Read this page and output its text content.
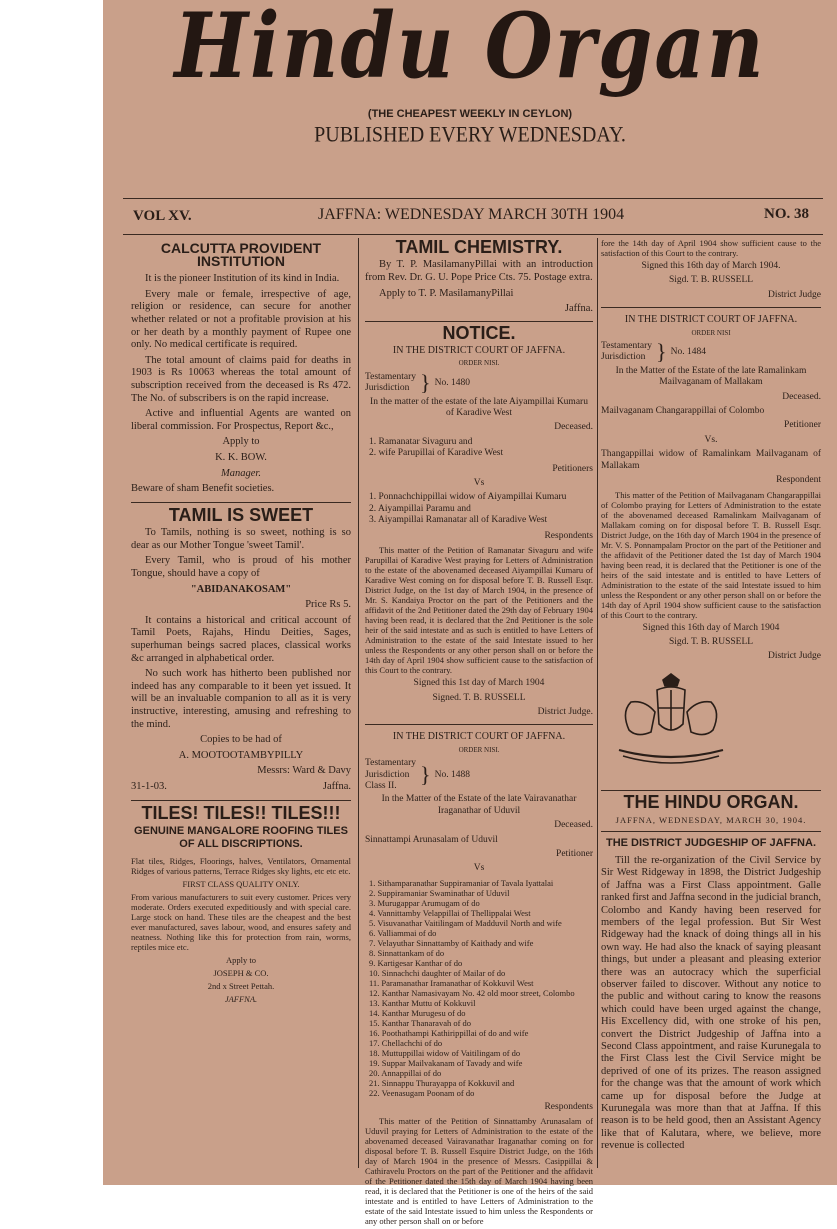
Hindu Organ
(THE CHEAPEST WEEKLY IN CEYLON)
PUBLISHED EVERY WEDNESDAY.
VOL XV.	JAFFNA: WEDNESDAY MARCH 30TH 1904	NO. 38
CALCUTTA PROVIDENT INSTITUTION

It is the pioneer Institution of its kind in India.

Every male or female, irrespective of age, religion or residence, can secure for another whether related or not a profitable provision at his or her death by a monthly payment of Rupee one only. No medical certificate is required.

The total amount of claims paid for deaths in 1903 is Rs 10063 whereas the total amount of subscription received from the deceased is Rs 472. The No. of subscribers is on the rapid increase.

Active and influential Agents are wanted on liberal commission. For Prospectus, Report &c.,

Apply to

K. K. BOW.

Manager.

Beware of sham Benefit societies.

TAMIL IS SWEET

To Tamils, nothing is so sweet, nothing is so dear as our Mother Tongue 'sweet Tamil'.

Every Tamil, who is proud of his mother Tongue, should have a copy of

"ABIDANAKOSAM"

Price Rs 5.

It contains a historical and critical account of Tamil Poets, Rajahs, Hindu Deities, Sages, superhuman beings sacred places, classical works &c arranged in alphabetical order.

No such work has hitherto been published nor indeed has any comparable to it been yet issued. It will be an invaluable companion to all as it is very instructive, interesting, amusing and refreshing to the mind.

Copies to be had of

A. MOOTOOTAMBYPILLY

Messrs: Ward & Davy

31-1-03.	Jaffna.

TILES! TILES!! TILES!!!
GENUINE MANGALORE ROOFING TILES OF ALL DISCRIPTIONS.

Flat tiles, Ridges, Floorings, halves, Ventilators, Ornamental Ridges of various patterns, Terrace Ridges sky lights, etc etc etc.

FIRST CLASS QUALITY ONLY.

From various manufacturers to suit every customer. Prices very moderate. Orders executed expeditiously and with special care. Large stock on hand. These tiles are the cheapest and the best ever manufactured, saves labour, wood, and ensures safety and neatness. Nothing like this for protection from rain, worms, reptiles mice etc.

Apply to

JOSEPH & CO.

2nd x Street Pettah.

JAFFNA.

TAMIL CHEMISTRY.

By T. P. MasilamanyPillai with an introduction from Rev. Dr. G. U. Pope Price Cts. 75. Postage extra.

Apply to T. P. MasilamanyPillai

Jaffna.

NOTICE.
IN THE DISTRICT COURT OF JAFFNA.
ORDER NISI.
Testamentary
Jurisdiction } No. 1480

In the matter of the estate of the late Aiyampillai Kumaru of Karadive West

Deceased.

1. Ramanatar Sivaguru and
2. wife Parupillai of Karadive West

Petitioners

Vs

1. Ponnachchippillai widow of Aiyampillai Kumaru
2. Aiyampillai Paramu and
3. Aiyampillai Ramanatar all of Karadive West

Respondents

This matter of the Petition of Ramanatar Sivaguru and wife Parupillai of Karadive West praying for Letters of Administration to the estate of the abovenamed deceased Aiyampillai Kumaru of Karadive West coming on for disposal before T. B. Russell Esqr. District Judge, on the 1st day of March 1904, in the presence of Mr. S. Kandaiya Proctor on the part of the Petitioners and the affidavit of the 2nd Petitioner dated the 29th day of February 1904 having been read, it is declared that the 2nd Petitioner is the sole heir of the said intestate and as such is entitled to have Letters of Administration to the estate of the said Intestate issued to her unless the Respondents or any other person shall on or before the 14th day of April 1904 show sufficient cause to the satisfaction of this Court to the contrary.

Signed this 1st day of March 1904

Signed. T. B. RUSSELL

District Judge.

IN THE DISTRICT COURT OF JAFFNA.
ORDER NISI.
Testamentary
Jurisdiction
Class II.	} No. 1488

In the Matter of the Estate of the late Vairavanathar Iraganathar of Uduvil

Deceased.

Sinnattampi Arunasalam of Uduvil

Petitioner

Vs

1. Sithamparanathar Suppiramaniar of Tavala Iyattalai
2. Suppiramaniar Swaminathar of Uduvil
3. Murugappar Arumugam of do
4. Vannittamby Velappillai of Thellippalai West
5. Visuvanathar Vaitilingam of Madduvil North and wife
6. Valliammai of do
7. Velayuthar Sinnattamby of Kaithady and wife
8. Sinnattankam of do
9. Kartigesar Kanthar of do
10. Sinnachchi daughter of Mailar of do
11. Paramanathar Iramanathar of Kokkuvil West
12. Kanthar Namasivayam No. 42 old moor street, Colombo
13. Kanthar Muttu of Kokkuvil
14. Kanthar Murugesu of do
15. Kanthar Thanaravah of do
16. Poothathampi Kathirippillai of do and wife
17. Chellachchi of do
18. Muttuppillai widow of Vaitilingam of do
19. Suppar Mailvakanam of Tavady and wife
20. Annappillai of do
21. Sinnappu Thurayappa of Kokkuvil and
22. Veenasugam Poonam of do

Respondents

This matter of the Petition of Sinnattamby Arunasalam of Uduvil praying for Letters of Administration to the estate of the abovenamed deceased Vairavanathar Iraganathar coming on for disposal before T. B. Russell Esquire District Judge, on the 16th day of March 1904 in the presence of Messrs. Casippillai & Cathiravelu Proctors on the part of the Petitioner and the affidavit of the Petitioner dated the 15th day of March 1904 having been read, it is declared that the Petitioner is one of the heirs of the said intestate and is entitled to have Letters of Administration to the estate of the said Intestate issued to him unless the Respondents or any other person shall on or before

fore the 14th day of April 1904 show sufficient cause to the satisfaction of this Court to the contrary.

Signed this 16th day of March 1904.

Sigd. T. B. RUSSELL

District Judge

IN THE DISTRICT COURT OF JAFFNA.
ORDER NISI
Testamentary
Jurisdiction } No. 1484

In the Matter of the Estate of the late Ramalinkam Mailvaganam of Mallakam

Deceased.

Mailvaganam Changarappillai of Colombo

Petitioner

Vs.

Thangappillai widow of Ramalinkam Mailvaganam of Mallakam

Respondent

This matter of the Petition of Mailvaganam Changarappillai of Colombo praying for Letters of Administration to the estate of the abovenamed deceased Ramalinkam Mailvaganam of Mallakam coming on for disposal before T. B. Russell Esqr. District Judge, on the 16th day of March 1904 in the presence of Mr. V. S. Ponnampalam Proctor on the part of the Petitioner and the affidavit of the Petitioner dated the 1st day of March 1904 having been read, it is declared that the Petitioner is one of the heirs of the said intestate and is entitled to have Letters of Administration to the estate of the said Intestate issued to him unless the Respondent or any other person shall on or before the 14th day of April 1904 show sufficient cause to the satisfaction of this Court to the contrary.

Signed this 16th day of March 1904

Sigd. T. B. RUSSELL

District Judge

THE HINDU ORGAN.

JAFFNA, WEDNESDAY, MARCH 30, 1904.

THE DISTRICT JUDGESHIP OF JAFFNA.

Till the re-organization of the Civil Service by Sir West Ridgeway in 1898, the District Judgeship of Jaffna was a First Class appointment. Galle ranked first and Jaffna second in the judicial branch, Colombo and Kandy having been reserved for members of the legal profession. But Sir West Ridgeway had the knack of doing things all in his own way. He had also the knack of saying pleasant things, but under a pleasant and pleasing exterior there was an autocracy which the superficial observer failed to discover. Without any notice to the public and without caring to know the reasons which could have been urged against the change, His Excellency did, with one stroke of his pen, convert the District Judgeship of Jaffna into a Second Class appointment, and raise Kurunegala to the First Class lest the Civil Service might be deprived of one of its prizes. The reason assigned for the change was that the amount of work which came up for disposal before the Judge at Kurunegala was more than that at Jaffna. If this reason is to be held good, then an Assistant Agency like that of Kalutara, where, we believe, more revenue is collected
